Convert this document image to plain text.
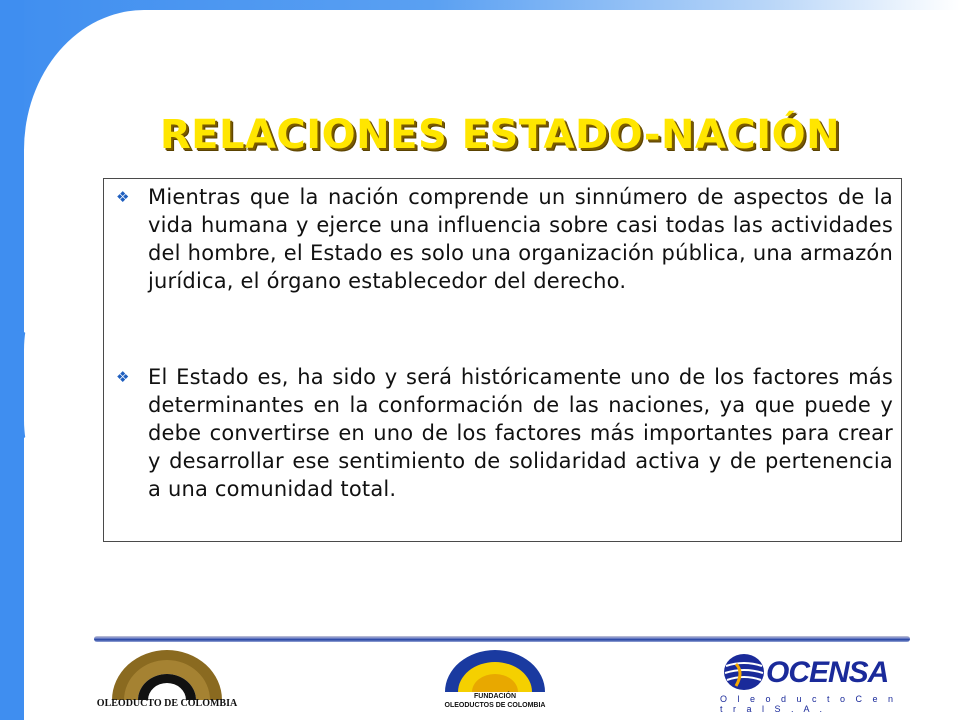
RELACIONES ESTADO-NACIÓN
❖ Mientras que la nación comprende un sinnúmero de aspectos de la vida humana y ejerce una influencia sobre casi todas las actividades del hombre, el Estado es solo una organización pública, una armazón jurídica, el órgano establecedor del derecho.
❖ El Estado es, ha sido y será históricamente uno de los factores más determinantes en la conformación de las naciones, ya que puede y debe convertirse en uno de los factores más importantes para crear y desarrollar ese sentimiento de solidaridad activa y de pertenencia a una comunidad total.
OLEODUCTO DE COLOMBIA
FUNDACIÓN
OLEODUCTOS DE COLOMBIA
OCENSA
O l e o d u c t o C e n t r a l S . A .
